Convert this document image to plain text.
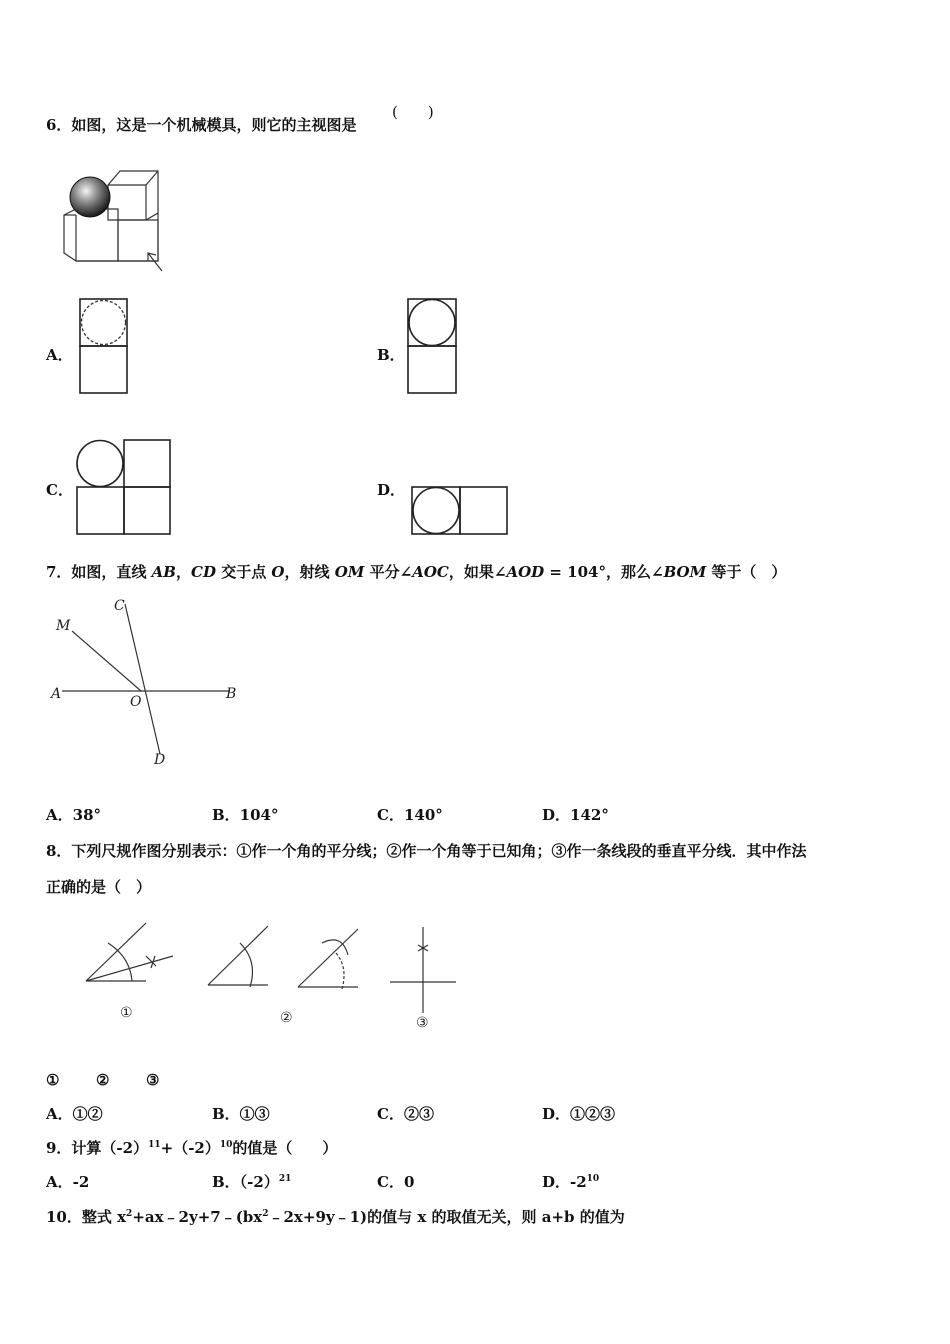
6．如图，这是一个机械模具，则它的主视图是
(　　)
A．	B．
C．	D．
7．如图，直线 AB，CD 交于点 O，射线 OM 平分∠AOC，如果∠AOD = 104°，那么∠BOM 等于（　）
M
C
A	O	B
D
A．38°	B．104°	C．140°	D．142°
8．下列尺规作图分别表示：①作一个角的平分线；②作一个角等于已知角；③作一条线段的垂直平分线．其中作法
正确的是（　）
①	②	③
① ② ③
A．①②	B．①③	C．②③	D．①②③
9．计算$(-2)^{11}+(-2)^{10}$的值是（　　）
A．-2	B．$(-2)^{21}$	C．0	D．$-2^{10}$
10．整式 $x^2+ax﹣2y+7﹣(bx^2﹣2x+9y﹣1)$的值与 x 的取值无关，则 a+b 的值为
